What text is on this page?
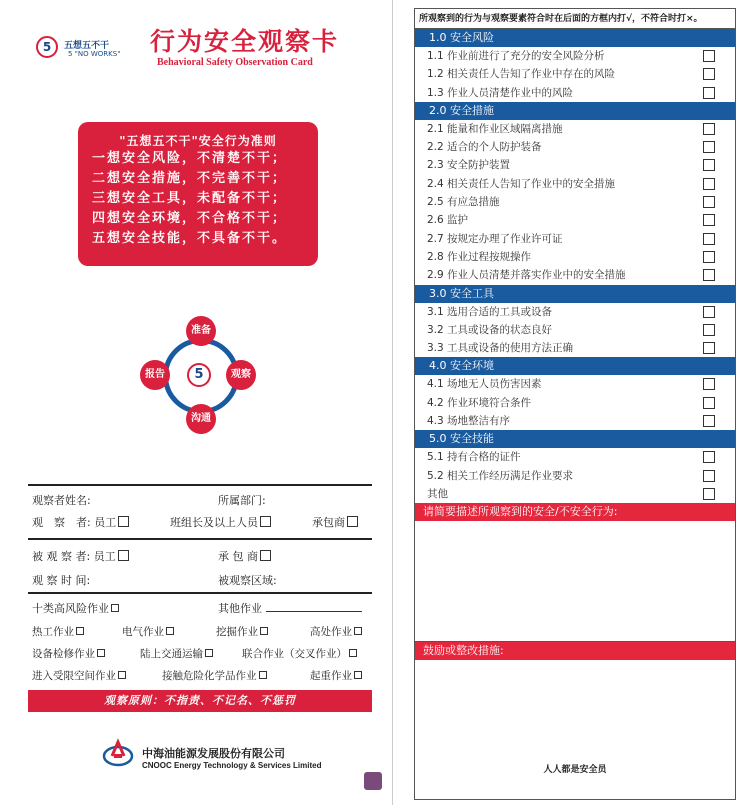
5	五想五不干
5 "NO WORKS" 行为安全观察卡
Behavioral Safety Observation Card
"五想五不干"安全行为准则
一想安全风险，不清楚不干；
二想安全措施，不完善不干；
三想安全工具，未配备不干；
四想安全环境，不合格不干；
五想安全技能，不具备不干。
准备
观察
沟通
报告	5
观察者姓名:	所属部门:
观　察　者: 员工	班组长及以上人员	承包商
被 观 察 者: 员工	承 包 商
观 察 时 间:	被观察区域:
十类高风险作业	其他作业
热工作业	电气作业	挖掘作业	高处作业
设备检修作业	陆上交通运输	联合作业（交叉作业）
进入受限空间作业	接触危险化学品作业	起重作业
观察原则：不指责、不记名、不惩罚
中海油能源发展股份有限公司
CNOOC Energy Technology & Services Limited
所观察到的行为与观察要素符合时在后面的方框内打√，不符合时打×。
1.0 安全风险
1.1 作业前进行了充分的安全风险分析
1.2 相关责任人告知了作业中存在的风险
1.3 作业人员清楚作业中的风险
2.0 安全措施
2.1 能量和作业区域隔离措施
2.2 适合的个人防护装备
2.3 安全防护装置
2.4 相关责任人告知了作业中的安全措施
2.5 有应急措施
2.6 监护
2.7 按规定办理了作业许可证
2.8 作业过程按规操作
2.9 作业人员清楚并落实作业中的安全措施
3.0 安全工具
3.1 选用合适的工具或设备
3.2 工具或设备的状态良好
3.3 工具或设备的使用方法正确
4.0 安全环境
4.1 场地无人员伤害因素
4.2 作业环境符合条件
4.3 场地整洁有序
5.0 安全技能
5.1 持有合格的证件
5.2 相关工作经历满足作业要求
其他
请简要描述所观察到的安全/不安全行为:
鼓励或整改措施:
人人都是安全员
